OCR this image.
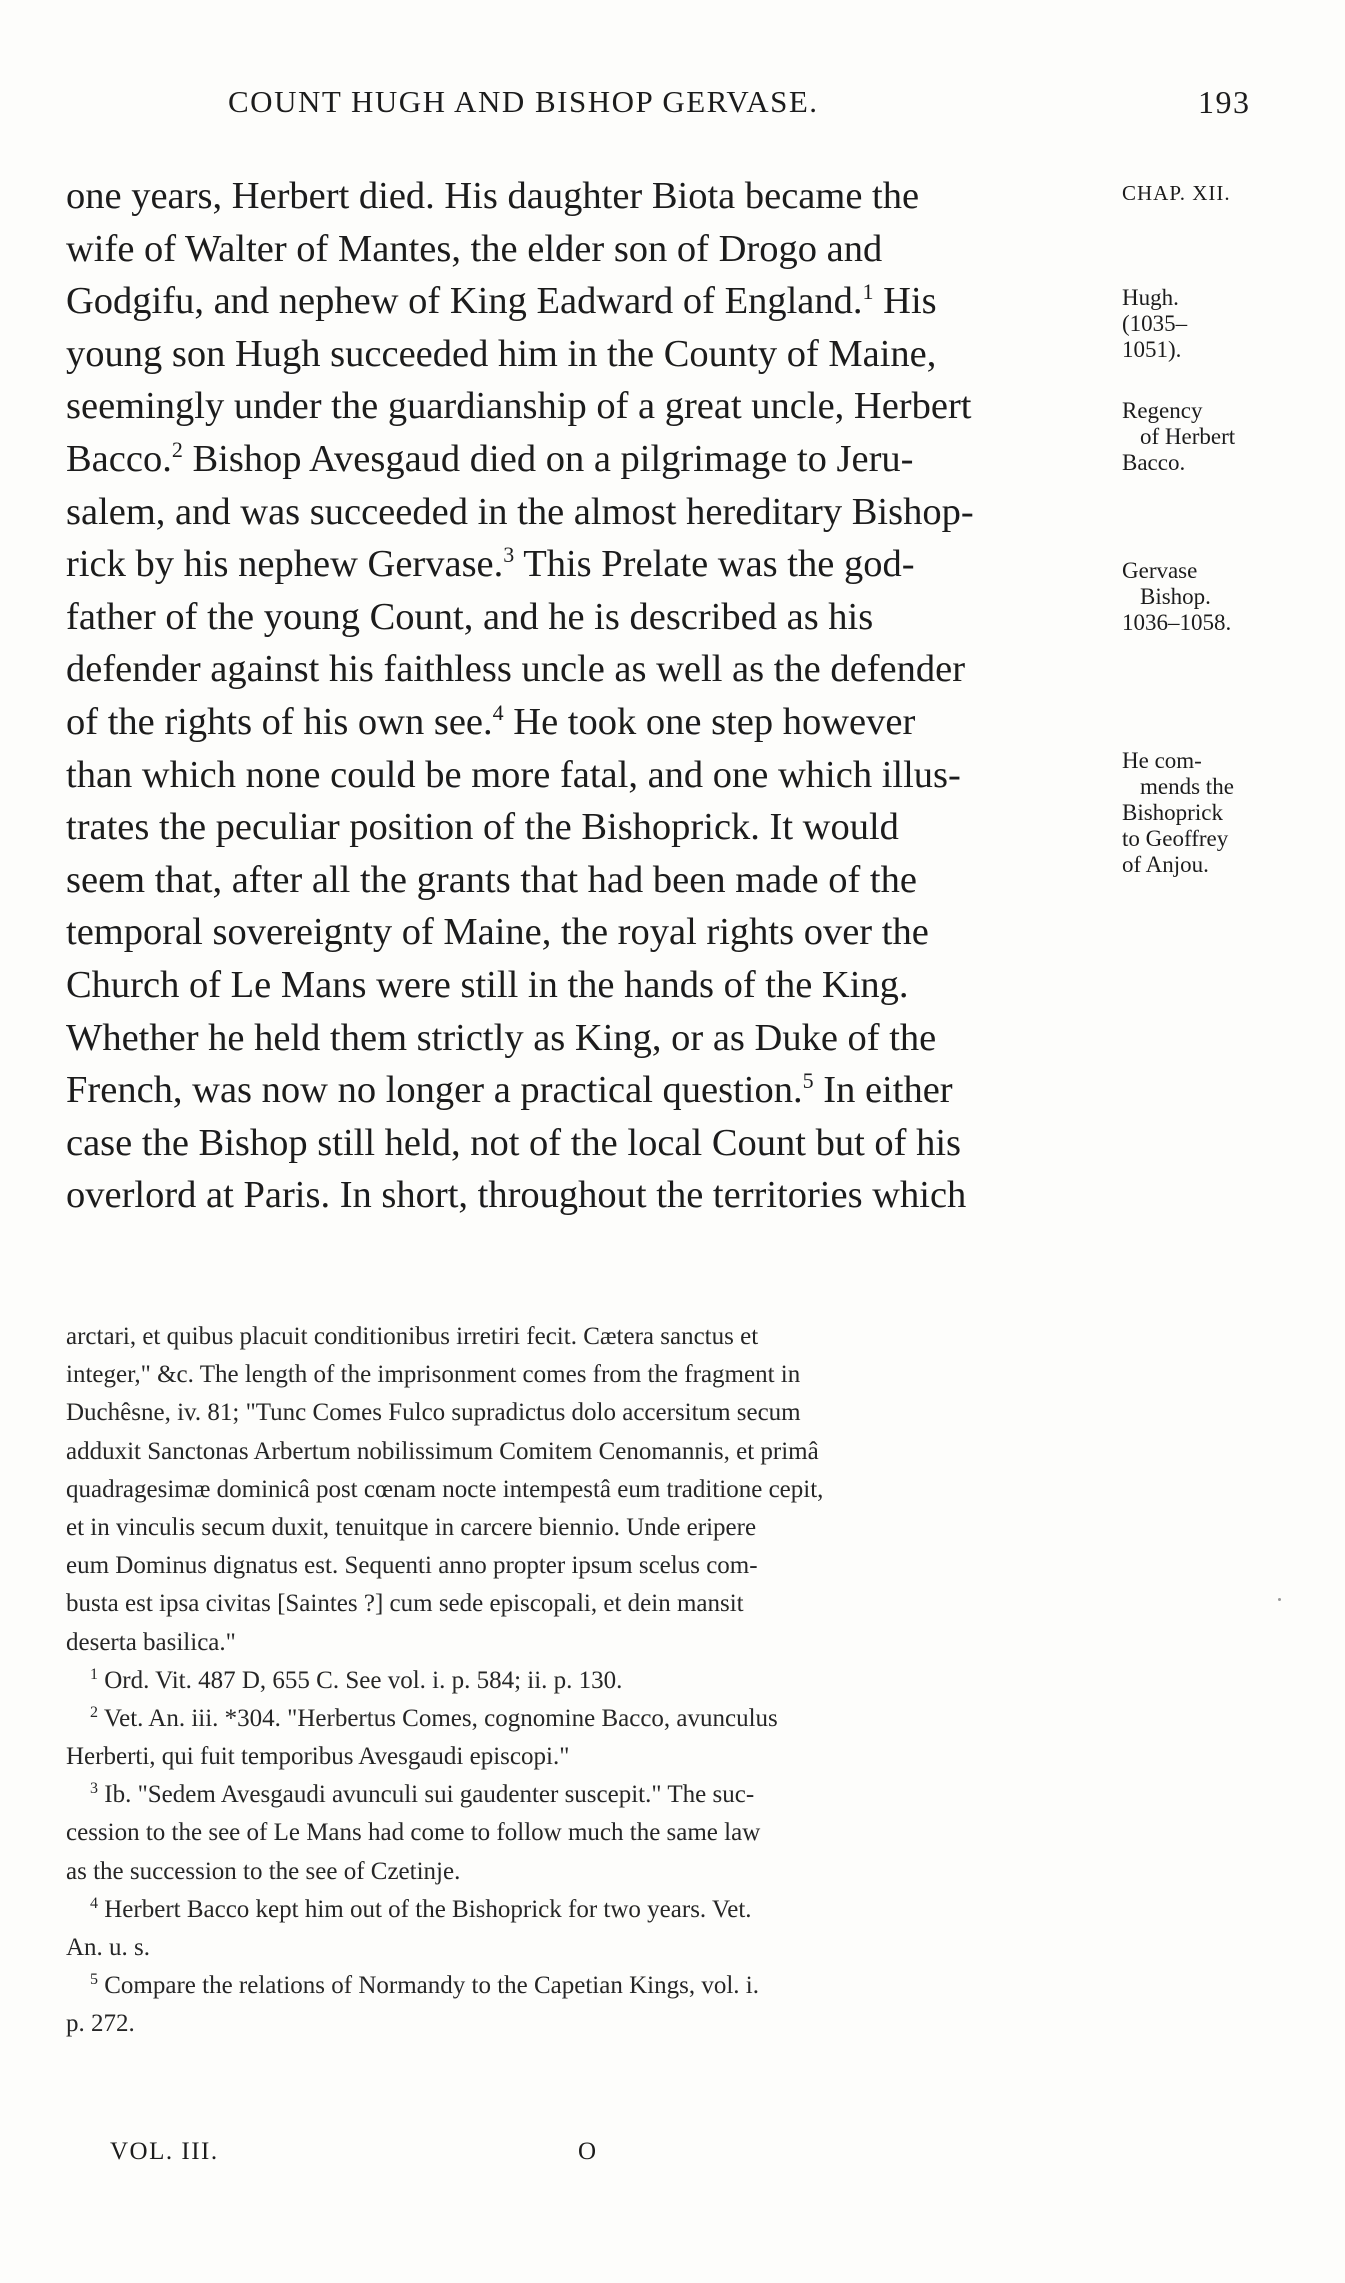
COUNT HUGH AND BISHOP GERVASE.	193
one years, Herbert died. His daughter Biota became the
wife of Walter of Mantes, the elder son of Drogo and
Godgifu, and nephew of King Eadward of England.$^1$ His
young son Hugh succeeded him in the County of Maine,
seemingly under the guardianship of a great uncle, Herbert
Bacco.$^2$ Bishop Avesgaud died on a pilgrimage to Jeru-
salem, and was succeeded in the almost hereditary Bishop-
rick by his nephew Gervase.$^3$ This Prelate was the god-
father of the young Count, and he is described as his
defender against his faithless uncle as well as the defender
of the rights of his own see.$^4$ He took one step however
than which none could be more fatal, and one which illus-
trates the peculiar position of the Bishoprick. It would
seem that, after all the grants that had been made of the
temporal sovereignty of Maine, the royal rights over the
Church of Le Mans were still in the hands of the King.
Whether he held them strictly as King, or as Duke of the
French, was now no longer a practical question.$^5$ In either
case the Bishop still held, not of the local Count but of his
overlord at Paris. In short, throughout the territories which
CHAP. XII.
Hugh.
(1035–
1051).
Regency
of Herbert
Bacco.
Gervase
Bishop.
1036–1058.
He com-
mends the
Bishoprick
to Geoffrey
of Anjou.
arctari, et quibus placuit conditionibus irretiri fecit. Cætera sanctus et
integer," &c. The length of the imprisonment comes from the fragment in
Duchêsne, iv. 81; "Tunc Comes Fulco supradictus dolo accersitum secum
adduxit Sanctonas Arbertum nobilissimum Comitem Cenomannis, et primâ
quadragesimæ dominicâ post cœnam nocte intempestâ eum traditione cepit,
et in vinculis secum duxit, tenuitque in carcere biennio. Unde eripere
eum Dominus dignatus est. Sequenti anno propter ipsum scelus com-
busta est ipsa civitas [Saintes ?] cum sede episcopali, et dein mansit
deserta basilica."
$^1$ Ord. Vit. 487 D, 655 C. See vol. i. p. 584; ii. p. 130.
$^2$ Vet. An. iii. *304. "Herbertus Comes, cognomine Bacco, avunculus
Herberti, qui fuit temporibus Avesgaudi episcopi."
$^3$ Ib. "Sedem Avesgaudi avunculi sui gaudenter suscepit." The suc-
cession to the see of Le Mans had come to follow much the same law
as the succession to the see of Czetinje.
$^4$ Herbert Bacco kept him out of the Bishoprick for two years. Vet.
An. u. s.
$^5$ Compare the relations of Normandy to the Capetian Kings, vol. i.
p. 272.
VOL. III.	O
